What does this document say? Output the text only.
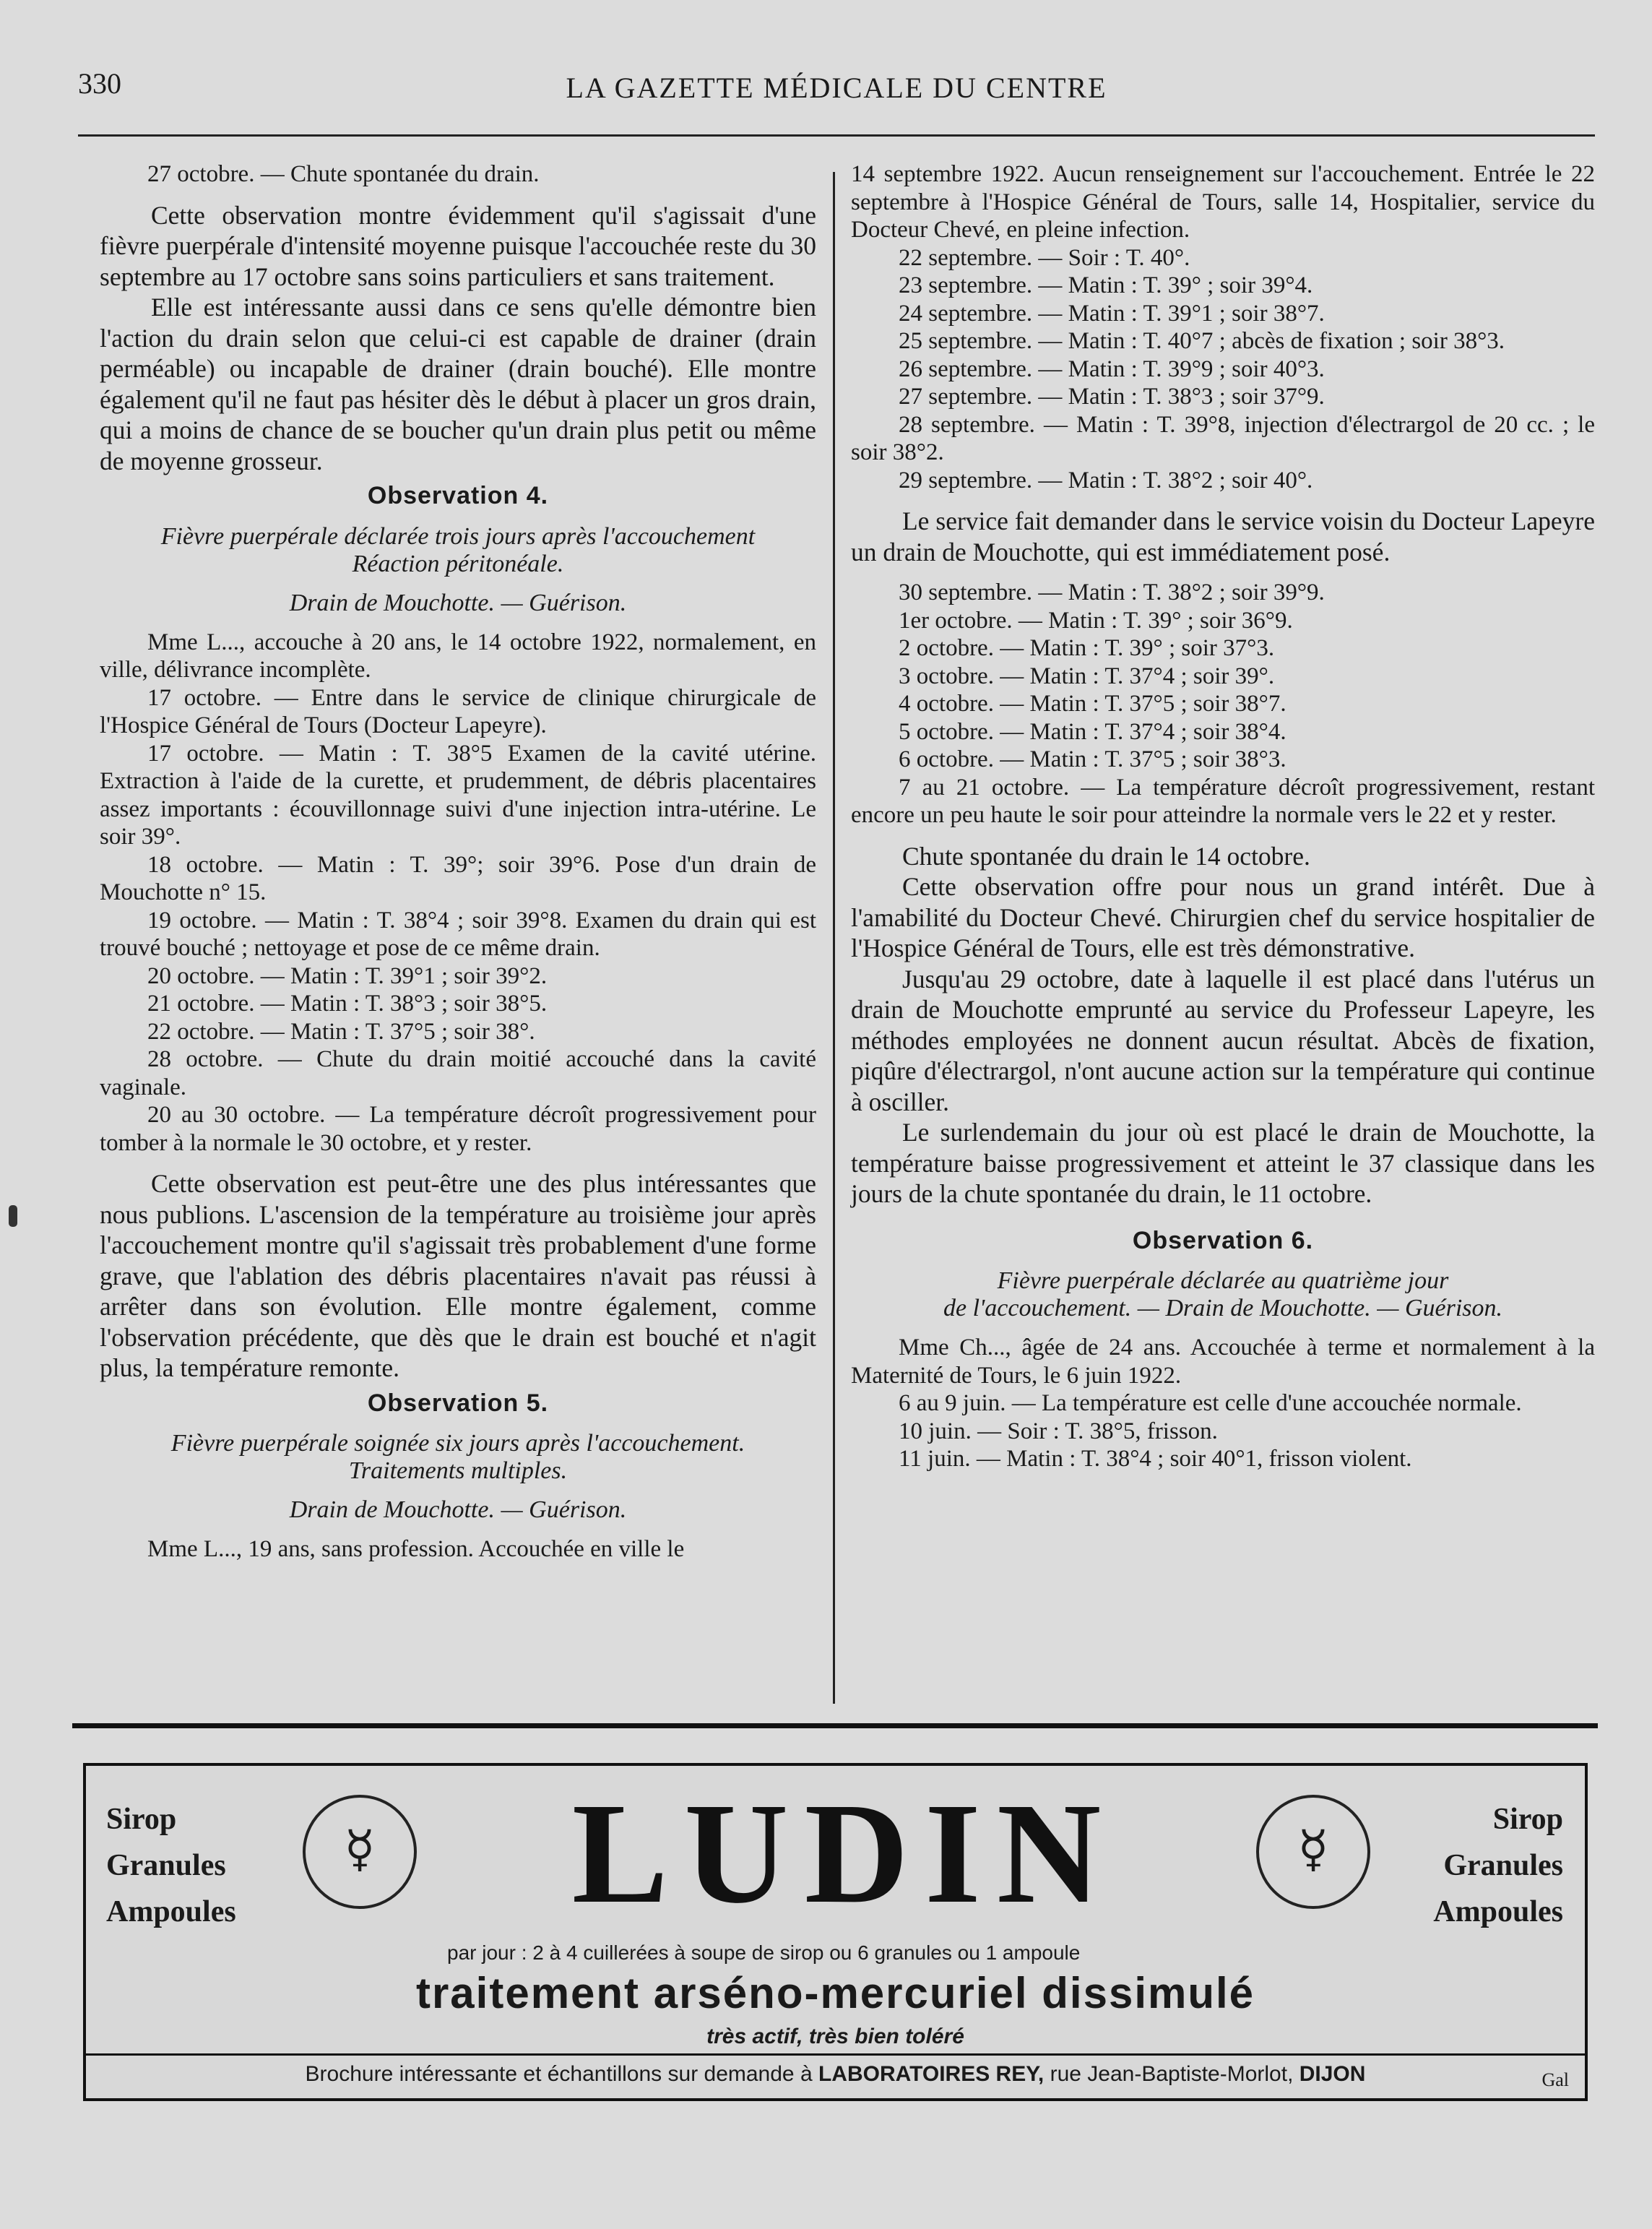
330	LA GAZETTE MÉDICALE DU CENTRE

27 octobre. — Chute spontanée du drain.

Cette observation montre évidemment qu'il s'agissait d'une fièvre puerpérale d'intensité moyenne puisque l'accouchée reste du 30 septembre au 17 octobre sans soins particuliers et sans traitement.

Elle est intéressante aussi dans ce sens qu'elle démontre bien l'action du drain selon que celui-ci est capable de drainer (drain perméable) ou incapable de drainer (drain bouché). Elle montre également qu'il ne faut pas hésiter dès le début à placer un gros drain, qui a moins de chance de se boucher qu'un drain plus petit ou même de moyenne grosseur.

Observation 4.

Fièvre puerpérale déclarée trois jours après l'accouchement

Réaction péritonéale.

Drain de Mouchotte. — Guérison.

Mme L..., accouche à 20 ans, le 14 octobre 1922, normalement, en ville, délivrance incomplète.

17 octobre. — Entre dans le service de clinique chirurgicale de l'Hospice Général de Tours (Docteur Lapeyre).

17 octobre. — Matin : T. 38°5 Examen de la cavité utérine. Extraction à l'aide de la curette, et prudemment, de débris placentaires assez importants : écouvillonnage suivi d'une injection intra-utérine. Le soir 39°.

18 octobre. — Matin : T. 39°; soir 39°6. Pose d'un drain de Mouchotte n° 15.

19 octobre. — Matin : T. 38°4 ; soir 39°8. Examen du drain qui est trouvé bouché ; nettoyage et pose de ce même drain.

20 octobre. — Matin : T. 39°1 ; soir 39°2.

21 octobre. — Matin : T. 38°3 ; soir 38°5.

22 octobre. — Matin : T. 37°5 ; soir 38°.

28 octobre. — Chute du drain moitié accouché dans la cavité vaginale.

20 au 30 octobre. — La température décroît progressivement pour tomber à la normale le 30 octobre, et y rester.

Cette observation est peut-être une des plus intéressantes que nous publions. L'ascension de la température au troisième jour après l'accouchement montre qu'il s'agissait très probablement d'une forme grave, que l'ablation des débris placentaires n'avait pas réussi à arrêter dans son évolution. Elle montre également, comme l'observation précédente, que dès que le drain est bouché et n'agit plus, la température remonte.

Observation 5.

Fièvre puerpérale soignée six jours après l'accouchement.

Traitements multiples.

Drain de Mouchotte. — Guérison.

Mme L..., 19 ans, sans profession. Accouchée en ville le

14 septembre 1922. Aucun renseignement sur l'accouchement. Entrée le 22 septembre à l'Hospice Général de Tours, salle 14, Hospitalier, service du Docteur Chevé, en pleine infection.

22 septembre. — Soir : T. 40°.

23 septembre. — Matin : T. 39° ; soir 39°4.

24 septembre. — Matin : T. 39°1 ; soir 38°7.

25 septembre. — Matin : T. 40°7 ; abcès de fixation ; soir 38°3.

26 septembre. — Matin : T. 39°9 ; soir 40°3.

27 septembre. — Matin : T. 38°3 ; soir 37°9.

28 septembre. — Matin : T. 39°8, injection d'électrargol de 20 cc. ; le soir 38°2.

29 septembre. — Matin : T. 38°2 ; soir 40°.

Le service fait demander dans le service voisin du Docteur Lapeyre un drain de Mouchotte, qui est immédiatement posé.

30 septembre. — Matin : T. 38°2 ; soir 39°9.

1er octobre. — Matin : T. 39° ; soir 36°9.

2 octobre. — Matin : T. 39° ; soir 37°3.

3 octobre. — Matin : T. 37°4 ; soir 39°.

4 octobre. — Matin : T. 37°5 ; soir 38°7.

5 octobre. — Matin : T. 37°4 ; soir 38°4.

6 octobre. — Matin : T. 37°5 ; soir 38°3.

7 au 21 octobre. — La température décroît progressivement, restant encore un peu haute le soir pour atteindre la normale vers le 22 et y rester.

Chute spontanée du drain le 14 octobre.

Cette observation offre pour nous un grand intérêt. Due à l'amabilité du Docteur Chevé. Chirurgien chef du service hospitalier de l'Hospice Général de Tours, elle est très démonstrative.

Jusqu'au 29 octobre, date à laquelle il est placé dans l'utérus un drain de Mouchotte emprunté au service du Professeur Lapeyre, les méthodes employées ne donnent aucun résultat. Abcès de fixation, piqûre d'électrargol, n'ont aucune action sur la température qui continue à osciller.

Le surlendemain du jour où est placé le drain de Mouchotte, la température baisse progressivement et atteint le 37 classique dans les jours de la chute spontanée du drain, le 11 octobre.

Observation 6.

Fièvre puerpérale déclarée au quatrième jour

de l'accouchement. — Drain de Mouchotte. — Guérison.

Mme Ch..., âgée de 24 ans. Accouchée à terme et normalement à la Maternité de Tours, le 6 juin 1922.

6 au 9 juin. — La température est celle d'une accouchée normale.

10 juin. — Soir : T. 38°5, frisson.

11 juin. — Matin : T. 38°4 ; soir 40°1, frisson violent.

Sirop
Granules
Ampoules
☿	LUDIN	☿
Sirop
Granules
Ampoules
par jour : 2 à 4 cuillerées à soupe de sirop ou 6 granules ou 1 ampoule
traitement arséno-mercuriel dissimulé
très actif, très bien toléré
Brochure intéressante et échantillons sur demande à LABORATOIRES REY, rue Jean-Baptiste-Morlot, DIJON	Gal
